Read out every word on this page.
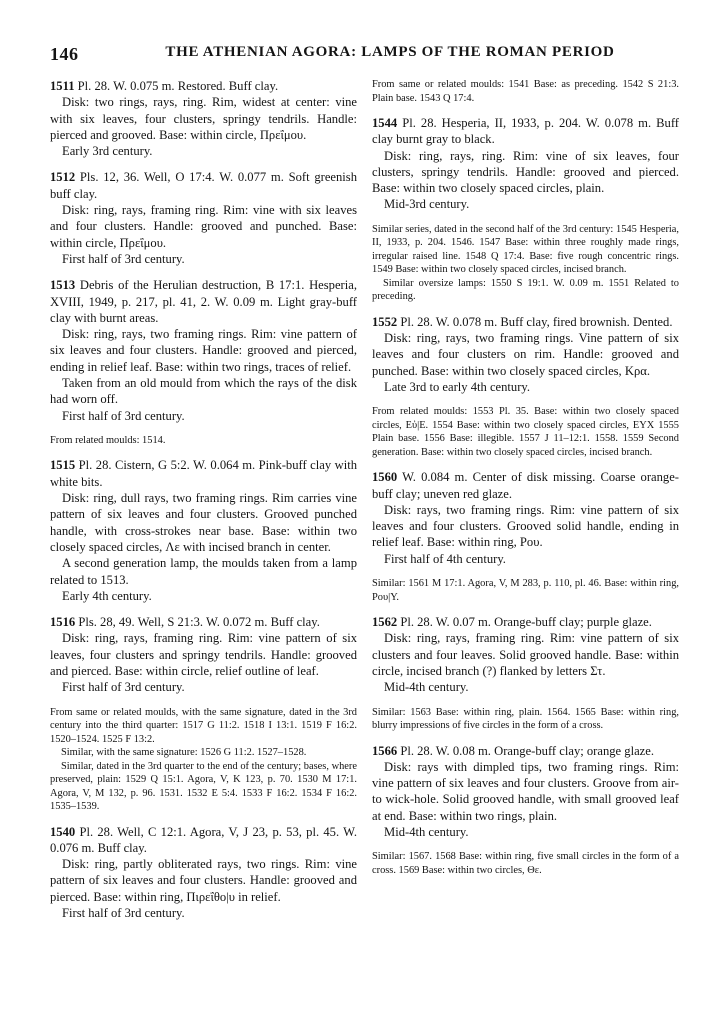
146	THE ATHENIAN AGORA: LAMPS OF THE ROMAN PERIOD

1511 Pl. 28. W. 0.075 m. Restored. Buff clay.

Disk: two rings, rays, ring. Rim, widest at center: vine with six leaves, four clusters, springy tendrils. Handle: pierced and grooved. Base: within circle, Πρεΐμου.

Early 3rd century.

1512 Pls. 12, 36. Well, O 17:4. W. 0.077 m. Soft greenish buff clay.

Disk: ring, rays, framing ring. Rim: vine with six leaves and four clusters. Handle: grooved and punched. Base: within circle, Πρεΐμου.

First half of 3rd century.

1513 Debris of the Herulian destruction, B 17:1. Hesperia, XVIII, 1949, p. 217, pl. 41, 2. W. 0.09 m. Light gray-buff clay with burnt areas.

Disk: ring, rays, two framing rings. Rim: vine pattern of six leaves and four clusters. Handle: grooved and pierced, ending in relief leaf. Base: within two rings, traces of relief.

Taken from an old mould from which the rays of the disk had worn off.

First half of 3rd century.

From related moulds: 1514.

1515 Pl. 28. Cistern, G 5:2. W. 0.064 m. Pink-buff clay with white bits.

Disk: ring, dull rays, two framing rings. Rim carries vine pattern of six leaves and four clusters. Grooved punched handle, with cross-strokes near base. Base: within two closely spaced circles, Λε with incised branch in center.

A second generation lamp, the moulds taken from a lamp related to 1513.

Early 4th century.

1516 Pls. 28, 49. Well, S 21:3. W. 0.072 m. Buff clay.

Disk: ring, rays, framing ring. Rim: vine pattern of six leaves, four clusters and springy tendrils. Handle: grooved and pierced. Base: within circle, relief outline of leaf.

First half of 3rd century.

From same or related moulds, with the same signature, dated in the 3rd century into the third quarter: 1517 G 11:2. 1518 I 13:1. 1519 F 16:2. 1520–1524. 1525 F 13:2.

Similar, with the same signature: 1526 G 11:2. 1527–1528.

Similar, dated in the 3rd quarter to the end of the century; bases, where preserved, plain: 1529 Q 15:1. Agora, V, K 123, p. 70. 1530 M 17:1. Agora, V, M 132, p. 96. 1531. 1532 E 5:4. 1533 F 16:2. 1534 F 16:2. 1535–1539.

1540 Pl. 28. Well, C 12:1. Agora, V, J 23, p. 53, pl. 45. W. 0.076 m. Buff clay.

Disk: ring, partly obliterated rays, two rings. Rim: vine pattern of six leaves and four clusters. Handle: grooved and pierced. Base: within ring, Πιρεΐθο|υ in relief.

First half of 3rd century.

From same or related moulds: 1541 Base: as preceding. 1542 S 21:3. Plain base. 1543 Q 17:4.

1544 Pl. 28. Hesperia, II, 1933, p. 204. W. 0.078 m. Buff clay burnt gray to black.

Disk: ring, rays, ring. Rim: vine of six leaves, four clusters, springy tendrils. Handle: grooved and pierced. Base: within two closely spaced circles, plain.

Mid-3rd century.

Similar series, dated in the second half of the 3rd century: 1545 Hesperia, II, 1933, p. 204. 1546. 1547 Base: within three roughly made rings, irregular raised line. 1548 Q 17:4. Base: five rough concentric rings. 1549 Base: within two closely spaced circles, incised branch.

Similar oversize lamps: 1550 S 19:1. W. 0.09 m. 1551 Related to preceding.

1552 Pl. 28. W. 0.078 m. Buff clay, fired brownish. Dented.

Disk: ring, rays, two framing rings. Vine pattern of six leaves and four clusters on rim. Handle: grooved and punched. Base: within two closely spaced circles, Κρα.

Late 3rd to early 4th century.

From related moulds: 1553 Pl. 35. Base: within two closely spaced circles, Εὐ|Ε. 1554 Base: within two closely spaced circles, ΕΥΧ 1555 Plain base. 1556 Base: illegible. 1557 J 11–12:1. 1558. 1559 Second generation. Base: within two closely spaced circles, incised branch.

1560 W. 0.084 m. Center of disk missing. Coarse orange-buff clay; uneven red glaze.

Disk: rays, two framing rings. Rim: vine pattern of six leaves and four clusters. Grooved solid handle, ending in relief leaf. Base: within ring, Ρου.

First half of 4th century.

Similar: 1561 M 17:1. Agora, V, M 283, p. 110, pl. 46. Base: within ring, Ρου|Υ.

1562 Pl. 28. W. 0.07 m. Orange-buff clay; purple glaze.

Disk: ring, rays, framing ring. Rim: vine pattern of six clusters and four leaves. Solid grooved handle. Base: within circle, incised branch (?) flanked by letters Στ.

Mid-4th century.

Similar: 1563 Base: within ring, plain. 1564. 1565 Base: within ring, blurry impressions of five circles in the form of a cross.

1566 Pl. 28. W. 0.08 m. Orange-buff clay; orange glaze.

Disk: rays with dimpled tips, two framing rings. Rim: vine pattern of six leaves and four clusters. Groove from air- to wick-hole. Solid grooved handle, with small grooved leaf at end. Base: within two rings, plain.

Mid-4th century.

Similar: 1567. 1568 Base: within ring, five small circles in the form of a cross. 1569 Base: within two circles, Θε.
